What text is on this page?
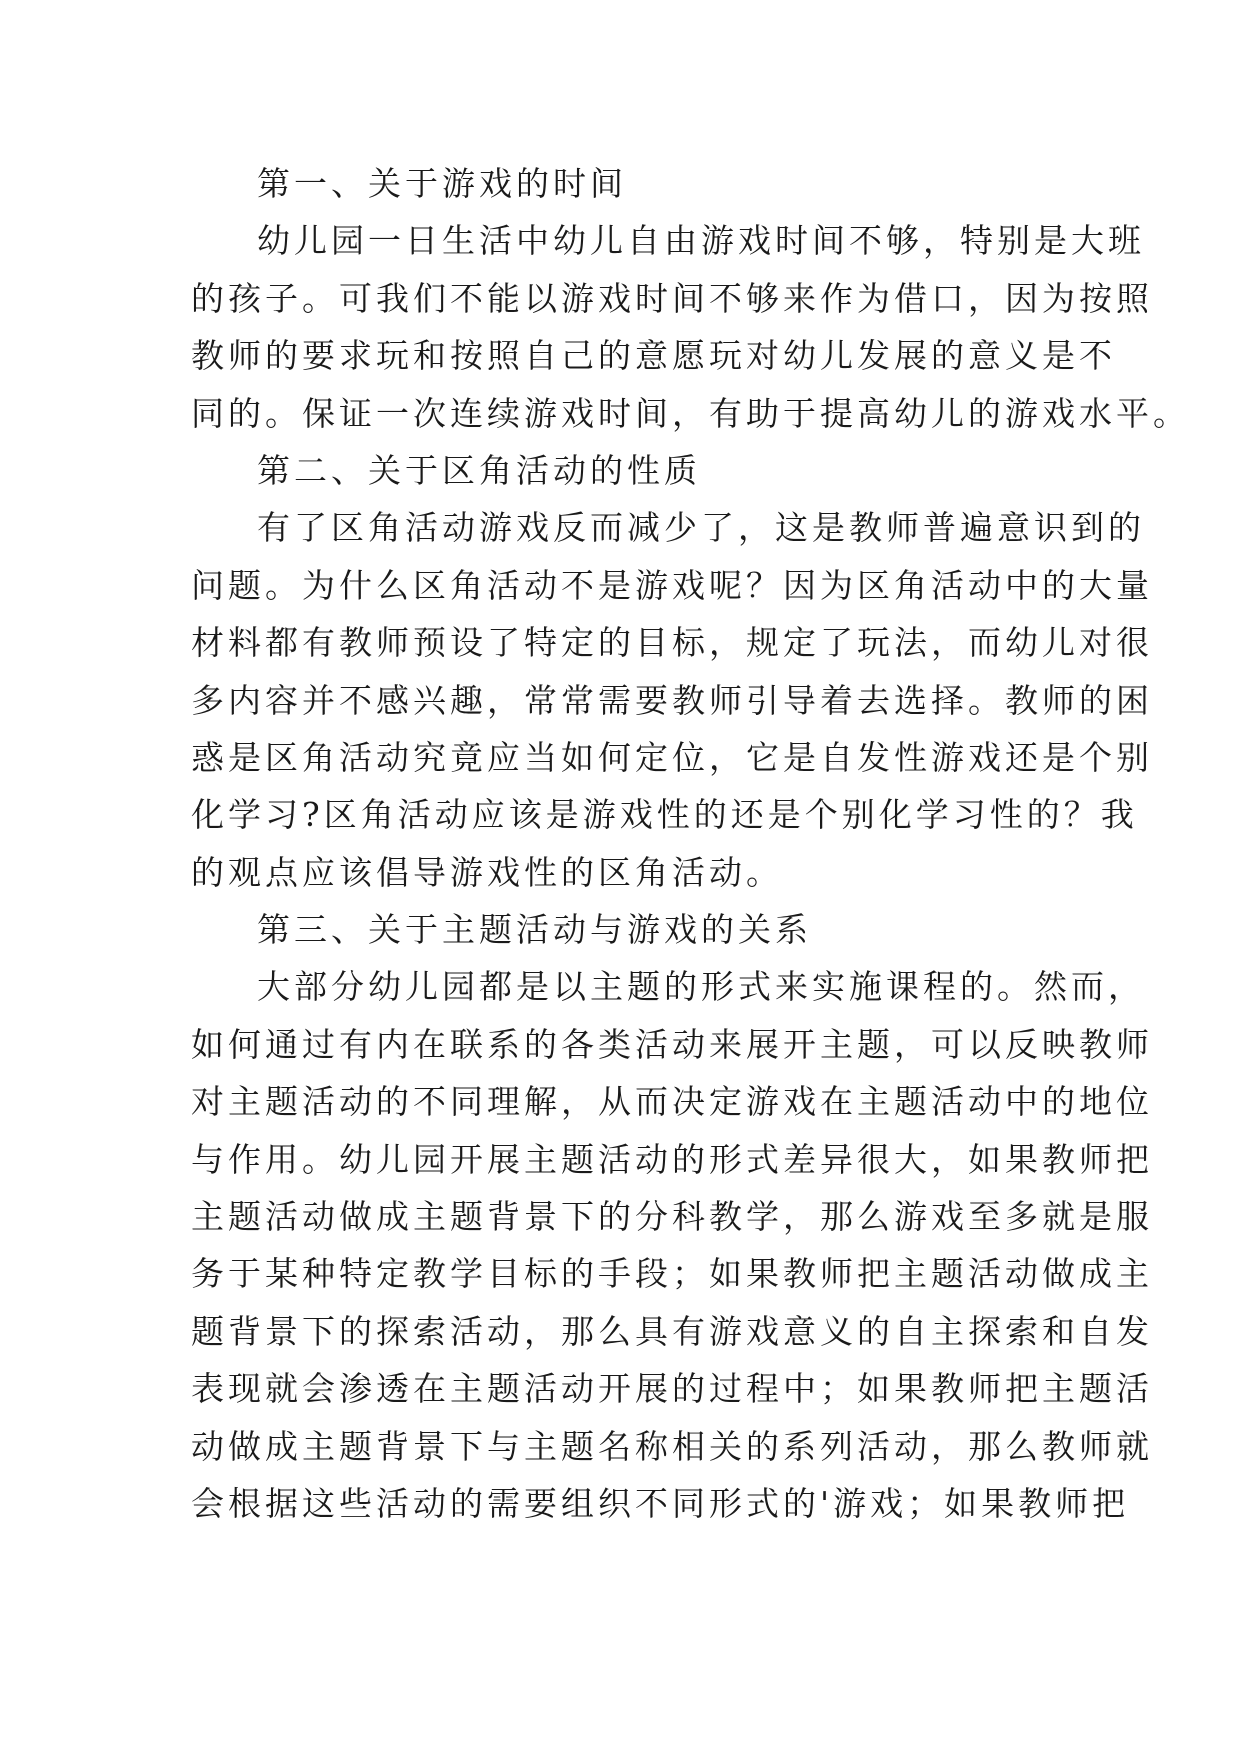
第一、关于游戏的时间
幼儿园一日生活中幼儿自由游戏时间不够，特别是大班
的孩子。可我们不能以游戏时间不够来作为借口，因为按照
教师的要求玩和按照自己的意愿玩对幼儿发展的意义是不
同的。保证一次连续游戏时间，有助于提高幼儿的游戏水平。
第二、关于区角活动的性质
有了区角活动游戏反而减少了，这是教师普遍意识到的
问题。为什么区角活动不是游戏呢？因为区角活动中的大量
材料都有教师预设了特定的目标，规定了玩法，而幼儿对很
多内容并不感兴趣，常常需要教师引导着去选择。教师的困
惑是区角活动究竟应当如何定位，它是自发性游戏还是个别
化学习?区角活动应该是游戏性的还是个别化学习性的？我
的观点应该倡导游戏性的区角活动。
第三、关于主题活动与游戏的关系
大部分幼儿园都是以主题的形式来实施课程的。然而，
如何通过有内在联系的各类活动来展开主题，可以反映教师
对主题活动的不同理解，从而决定游戏在主题活动中的地位
与作用。幼儿园开展主题活动的形式差异很大，如果教师把
主题活动做成主题背景下的分科教学，那么游戏至多就是服
务于某种特定教学目标的手段；如果教师把主题活动做成主
题背景下的探索活动，那么具有游戏意义的自主探索和自发
表现就会渗透在主题活动开展的过程中；如果教师把主题活
动做成主题背景下与主题名称相关的系列活动，那么教师就
会根据这些活动的需要组织不同形式的'游戏；如果教师把
